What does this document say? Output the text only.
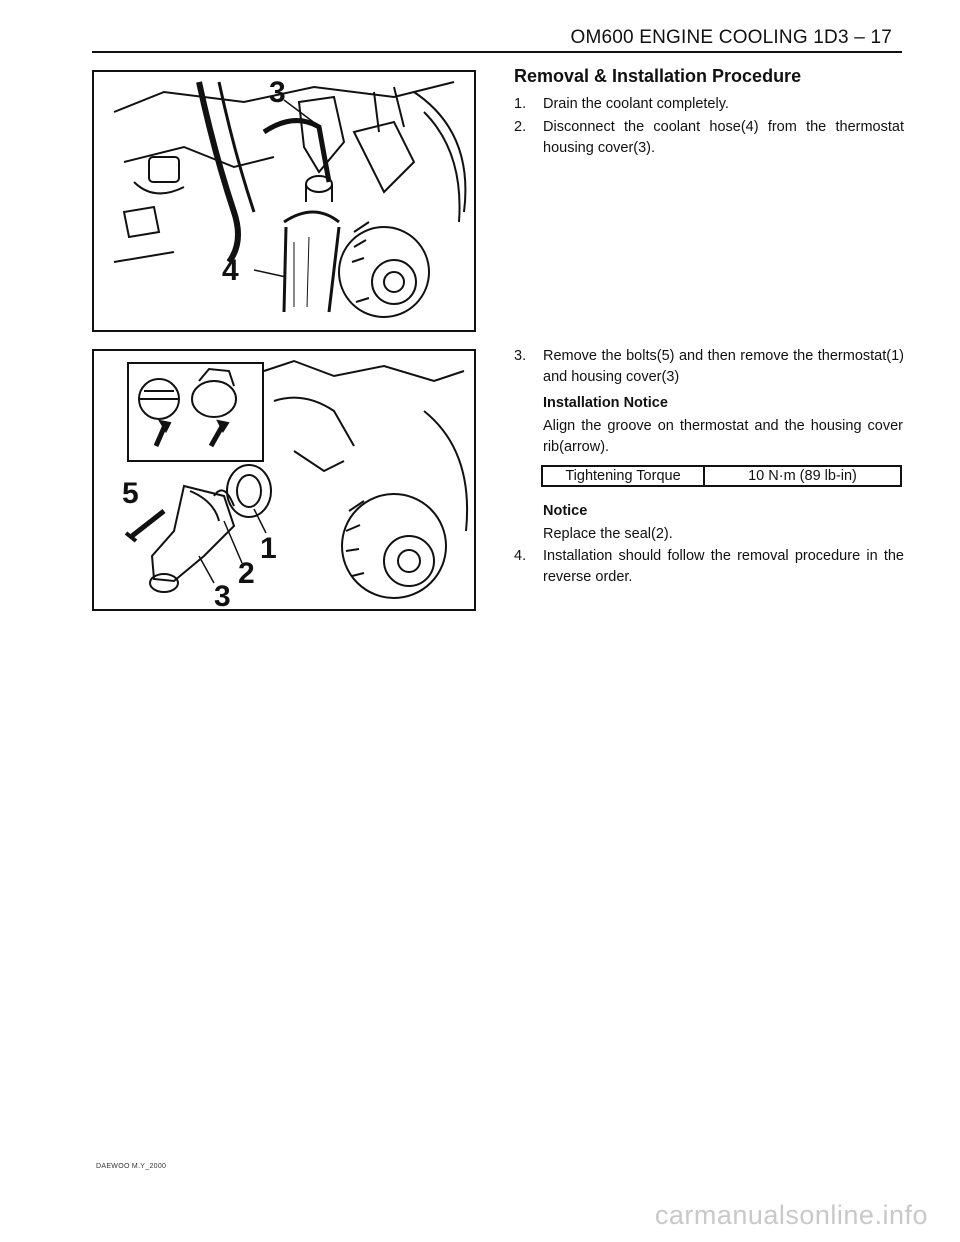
OM600 ENGINE COOLING 1D3 – 17
3
4
5
1
2
3
Removal & Installation Procedure
1.	Drain the coolant completely.
2.	Disconnect the coolant hose(4) from the thermostat housing cover(3).
3.	Remove the bolts(5) and then remove the thermostat(1) and housing cover(3)
Installation Notice
Align the groove on thermostat and the housing cover rib(arrow).
Tightening Torque	10 N·m (89 lb-in)
Notice
Replace the seal(2).
4.	Installation should follow the removal procedure in the reverse order.
DAEWOO M.Y_2000
carmanualsonline.info
